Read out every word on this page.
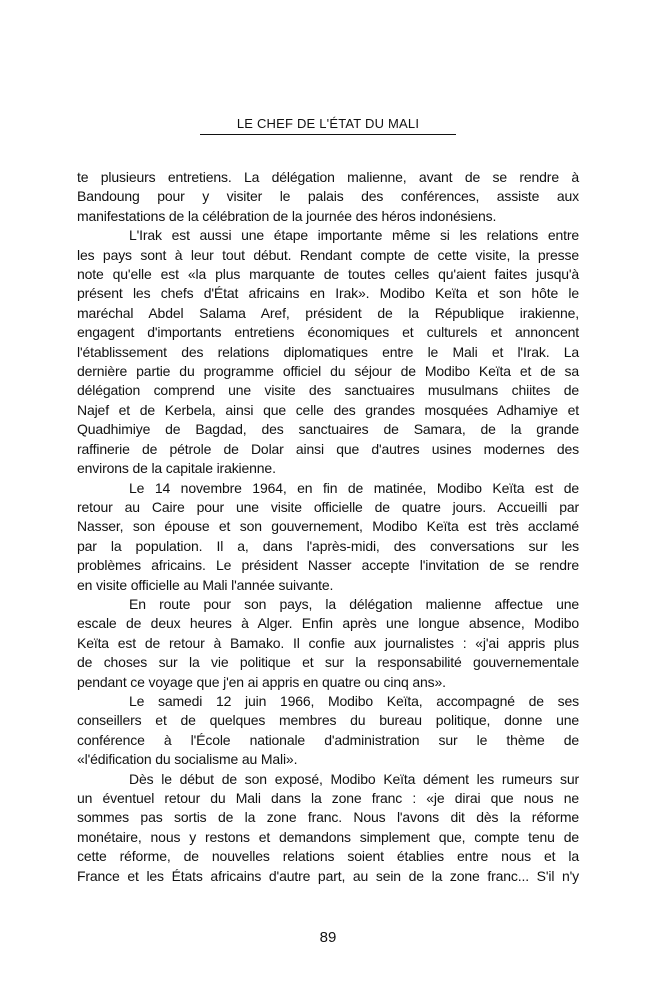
LE CHEF DE L'ÉTAT DU MALI
te plusieurs entretiens. La délégation malienne, avant de se rendre à
Bandoung pour y visiter le palais des conférences, assiste aux
manifestations de la célébration de la journée des héros indonésiens.
L'Irak est aussi une étape importante même si les relations entre
les pays sont à leur tout début. Rendant compte de cette visite, la presse
note qu'elle est «la plus marquante de toutes celles qu'aient faites jusqu'à
présent les chefs d'État africains en Irak». Modibo Keïta et son hôte le
maréchal Abdel Salama Aref, président de la République irakienne,
engagent d'importants entretiens économiques et culturels et annoncent
l'établissement des relations diplomatiques entre le Mali et l'Irak. La
dernière partie du programme officiel du séjour de Modibo Keïta et de sa
délégation comprend une visite des sanctuaires musulmans chiites de
Najef et de Kerbela, ainsi que celle des grandes mosquées Adhamiye et
Quadhimiye de Bagdad, des sanctuaires de Samara, de la grande
raffinerie de pétrole de Dolar ainsi que d'autres usines modernes des
environs de la capitale irakienne.
Le 14 novembre 1964, en fin de matinée, Modibo Keïta est de
retour au Caire pour une visite officielle de quatre jours. Accueilli par
Nasser, son épouse et son gouvernement, Modibo Keïta est très acclamé
par la population. Il a, dans l'après-midi, des conversations sur les
problèmes africains. Le président Nasser accepte l'invitation de se rendre
en visite officielle au Mali l'année suivante.
En route pour son pays, la délégation malienne affectue une
escale de deux heures à Alger. Enfin après une longue absence, Modibo
Keïta est de retour à Bamako. Il confie aux journalistes : «j'ai appris plus
de choses sur la vie politique et sur la responsabilité gouvernementale
pendant ce voyage que j'en ai appris en quatre ou cinq ans».
Le samedi 12 juin 1966, Modibo Keïta, accompagné de ses
conseillers et de quelques membres du bureau politique, donne une
conférence à l'École nationale d'administration sur le thème de
«l'édification du socialisme au Mali».
Dès le début de son exposé, Modibo Keïta dément les rumeurs sur
un éventuel retour du Mali dans la zone franc : «je dirai que nous ne
sommes pas sortis de la zone franc. Nous l'avons dit dès la réforme
monétaire, nous y restons et demandons simplement que, compte tenu de
cette réforme, de nouvelles relations soient établies entre nous et la
France et les États africains d'autre part, au sein de la zone franc... S'il n'y
89
